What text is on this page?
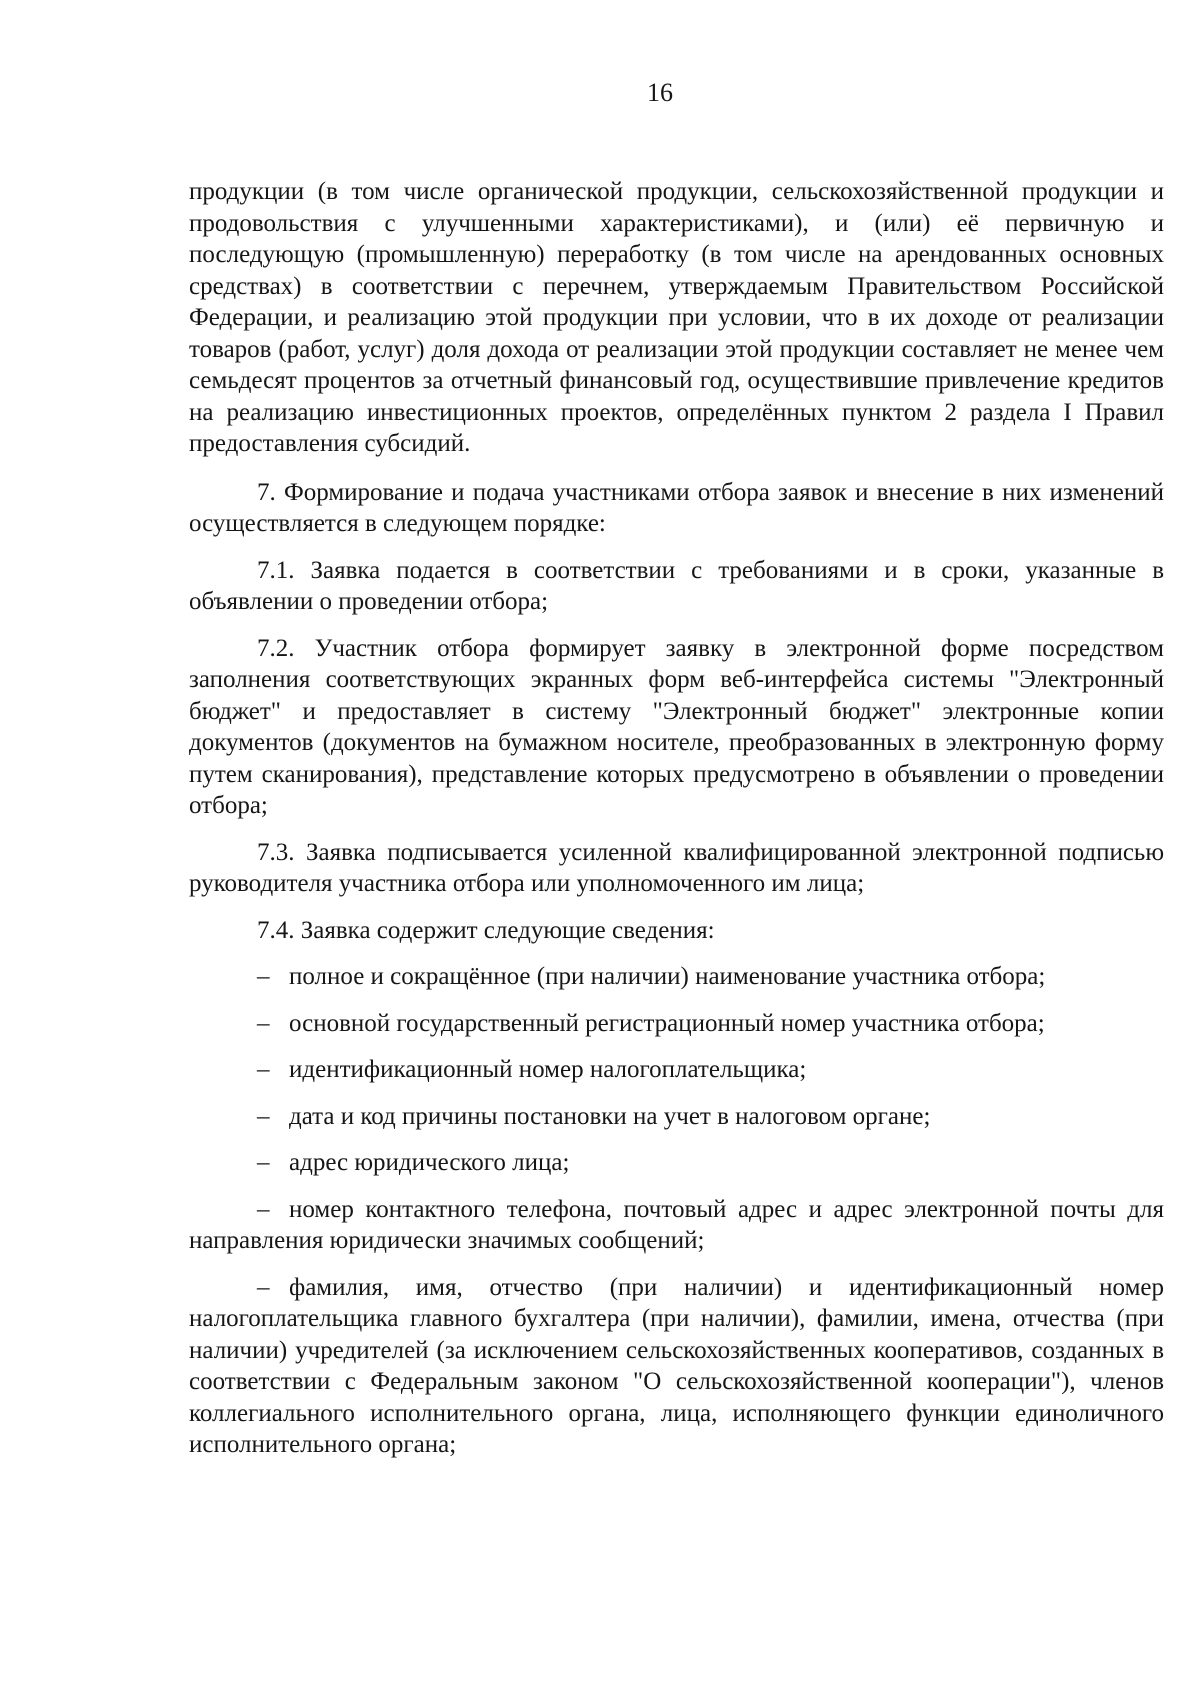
16

продукции (в том числе органической продукции, сельскохозяйственной продукции и продовольствия с улучшенными характеристиками), и (или) её первичную и последующую (промышленную) переработку (в том числе на арендованных основных средствах) в соответствии с перечнем, утверждаемым Правительством Российской Федерации, и реализацию этой продукции при условии, что в их доходе от реализации товаров (работ, услуг) доля дохода от реализации этой продукции составляет не менее чем семьдесят процентов за отчетный финансовый год, осуществившие привлечение кредитов на реализацию инвестиционных проектов, определённых пунктом 2 раздела I Правил предоставления субсидий.

7. Формирование и подача участниками отбора заявок и внесение в них изменений осуществляется в следующем порядке:

7.1. Заявка подается в соответствии с требованиями и в сроки, указанные в объявлении о проведении отбора;

7.2. Участник отбора формирует заявку в электронной форме посредством заполнения соответствующих экранных форм веб-интерфейса системы "Электронный бюджет" и предоставляет в систему "Электронный бюджет" электронные копии документов (документов на бумажном носителе, преобразованных в электронную форму путем сканирования), представление которых предусмотрено в объявлении о проведении отбора;

7.3. Заявка подписывается усиленной квалифицированной электронной подписью руководителя участника отбора или уполномоченного им лица;

7.4. Заявка содержит следующие сведения:

– полное и сокращённое (при наличии) наименование участника отбора;

– основной государственный регистрационный номер участника отбора;

– идентификационный номер налогоплательщика;

– дата и код причины постановки на учет в налоговом органе;

– адрес юридического лица;

– номер контактного телефона, почтовый адрес и адрес электронной почты для направления юридически значимых сообщений;

– фамилия, имя, отчество (при наличии) и идентификационный номер налогоплательщика главного бухгалтера (при наличии), фамилии, имена, отчества (при наличии) учредителей (за исключением сельскохозяйственных кооперативов, созданных в соответствии с Федеральным законом "О сельскохозяйственной кооперации"), членов коллегиального исполнительного органа, лица, исполняющего функции единоличного исполнительного органа;
